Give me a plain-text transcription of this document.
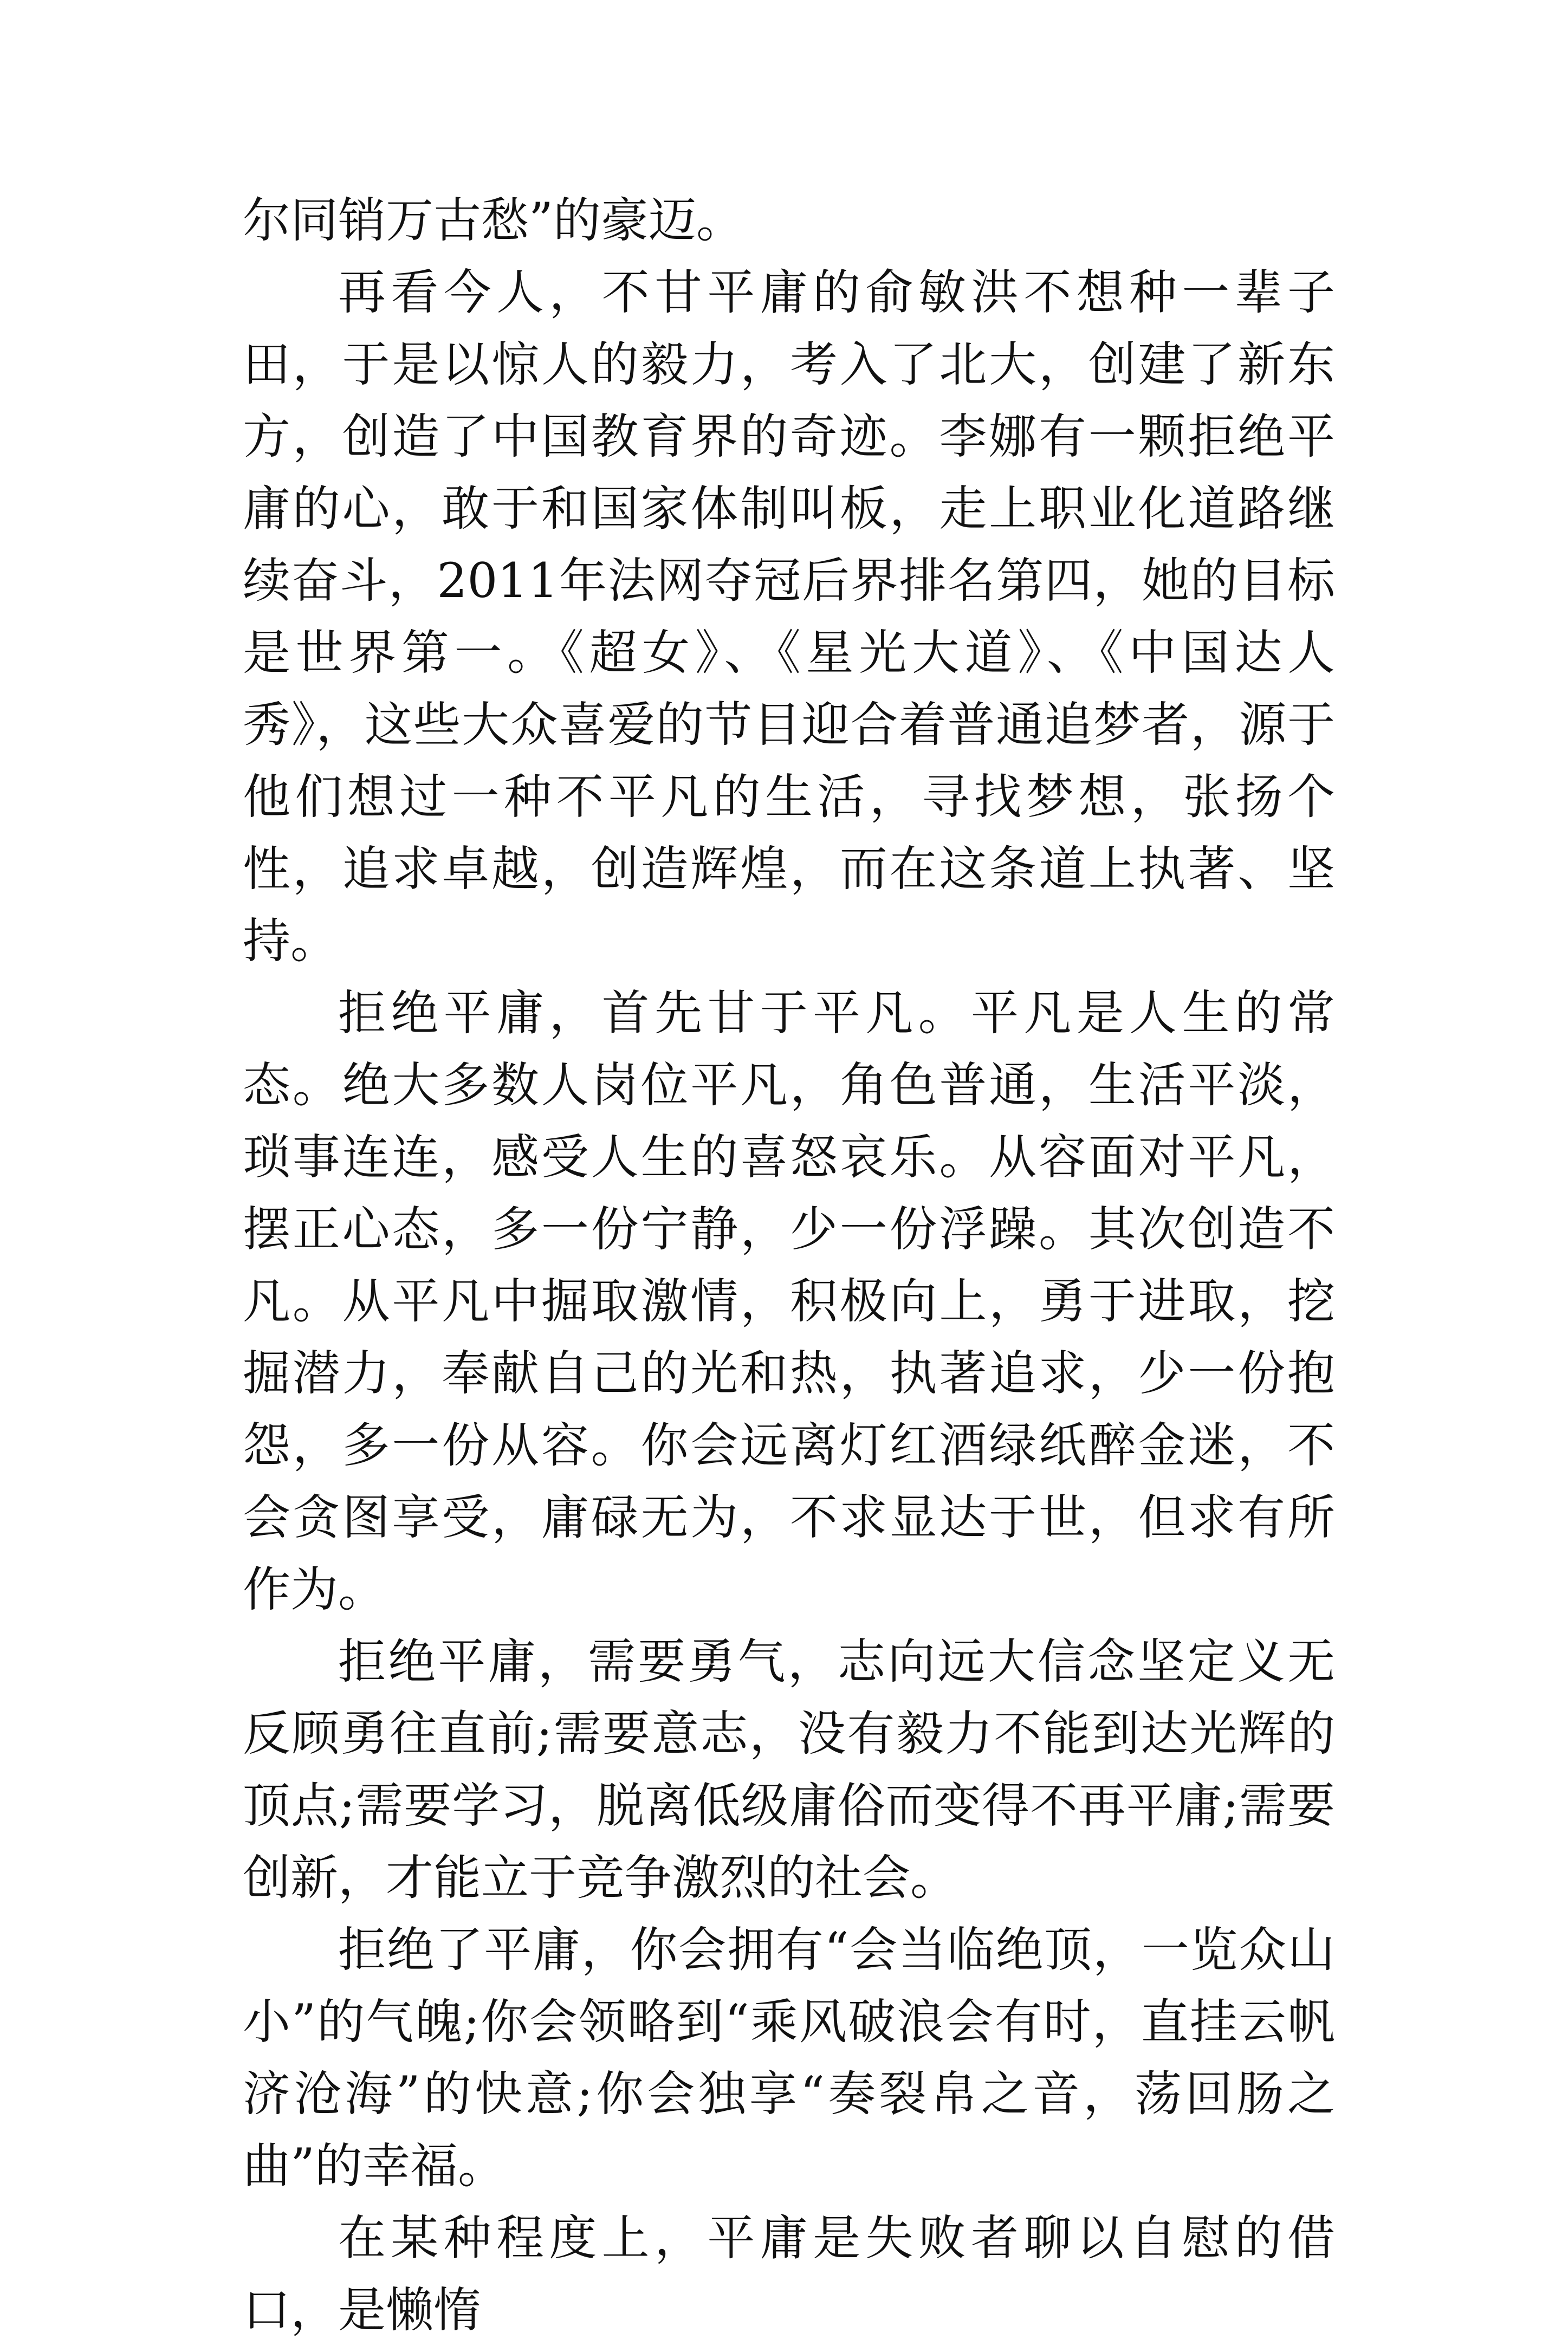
尔同销万古愁”的豪迈。

再看今人，不甘平庸的俞敏洪不想种一辈子田，于是以惊人的毅力，考入了北大，创建了新东方，创造了中国教育界的奇迹。李娜有一颗拒绝平庸的心，敢于和国家体制叫板，走上职业化道路继续奋斗，2011年法网夺冠后界排名第四，她的目标是世界第一。《超女》、《星光大道》、《中国达人秀》，这些大众喜爱的节目迎合着普通追梦者，源于他们想过一种不平凡的生活，寻找梦想，张扬个性，追求卓越，创造辉煌，而在这条道上执著、坚持。

拒绝平庸，首先甘于平凡。平凡是人生的常态。绝大多数人岗位平凡，角色普通，生活平淡，琐事连连，感受人生的喜怒哀乐。从容面对平凡，摆正心态，多一份宁静，少一份浮躁。其次创造不凡。从平凡中掘取激情，积极向上，勇于进取，挖掘潜力，奉献自己的光和热，执著追求，少一份抱怨，多一份从容。你会远离灯红酒绿纸醉金迷，不会贪图享受，庸碌无为，不求显达于世，但求有所作为。

拒绝平庸，需要勇气，志向远大信念坚定义无反顾勇往直前;需要意志，没有毅力不能到达光辉的顶点;需要学习，脱离低级庸俗而变得不再平庸;需要创新，才能立于竞争激烈的社会。

拒绝了平庸，你会拥有“会当临绝顶，一览众山小”的气魄;你会领略到“乘风破浪会有时，直挂云帆济沧海”的快意;你会独享“奏裂帛之音，荡回肠之曲”的幸福。

在某种程度上，平庸是失败者聊以自慰的借口，是懒惰
